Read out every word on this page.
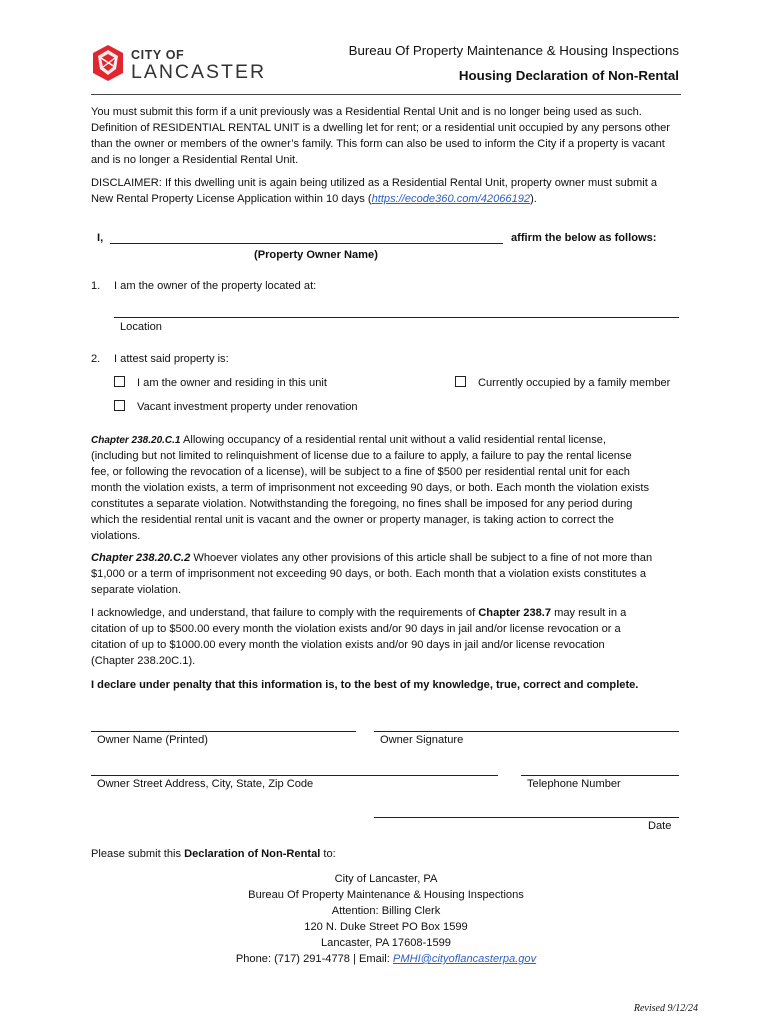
CITY OF
LANCASTER
Bureau Of Property Maintenance & Housing Inspections
Housing Declaration of Non-Rental
You must submit this form if a unit previously was a Residential Rental Unit and is no longer being used as such.
Definition of RESIDENTIAL RENTAL UNIT is a dwelling let for rent; or a residential unit occupied by any persons other
than the owner or members of the owner’s family. This form can also be used to inform the City if a property is vacant
and is no longer a Residential Rental Unit.
DISCLAIMER: If this dwelling unit is again being utilized as a Residential Rental Unit, property owner must submit a
New Rental Property License Application within 10 days (https://ecode360.com/42066192).
I,	affirm the below as follows:
(Property Owner Name)
1. I am the owner of the property located at:
Location
2. I attest said property is:
I am the owner and residing in this unit	Currently occupied by a family member
Vacant investment property under renovation
Chapter 238.20.C.1 Allowing occupancy of a residential rental unit without a valid residential rental license,
(including but not limited to relinquishment of license due to a failure to apply, a failure to pay the rental license
fee, or following the revocation of a license), will be subject to a fine of $500 per residential rental unit for each
month the violation exists, a term of imprisonment not exceeding 90 days, or both. Each month the violation exists
constitutes a separate violation. Notwithstanding the foregoing, no fines shall be imposed for any period during
which the residential rental unit is vacant and the owner or property manager, is taking action to correct the
violations.
Chapter 238.20.C.2 Whoever violates any other provisions of this article shall be subject to a fine of not more than
$1,000 or a term of imprisonment not exceeding 90 days, or both. Each month that a violation exists constitutes a
separate violation.
I acknowledge, and understand, that failure to comply with the requirements of Chapter 238.7 may result in a
citation of up to $500.00 every month the violation exists and/or 90 days in jail and/or license revocation or a
citation of up to $1000.00 every month the violation exists and/or 90 days in jail and/or license revocation
(Chapter 238.20C.1).
I declare under penalty that this information is, to the best of my knowledge, true, correct and complete.
Owner Name (Printed)	Owner Signature
Owner Street Address, City, State, Zip Code	Telephone Number
Date
Please submit this Declaration of Non-Rental to:
City of Lancaster, PA
Bureau Of Property Maintenance & Housing Inspections
Attention: Billing Clerk
120 N. Duke Street PO Box 1599
Lancaster, PA 17608-1599
Phone: (717) 291-4778 | Email: PMHI@cityoflancasterpa.gov
Revised 9/12/24
